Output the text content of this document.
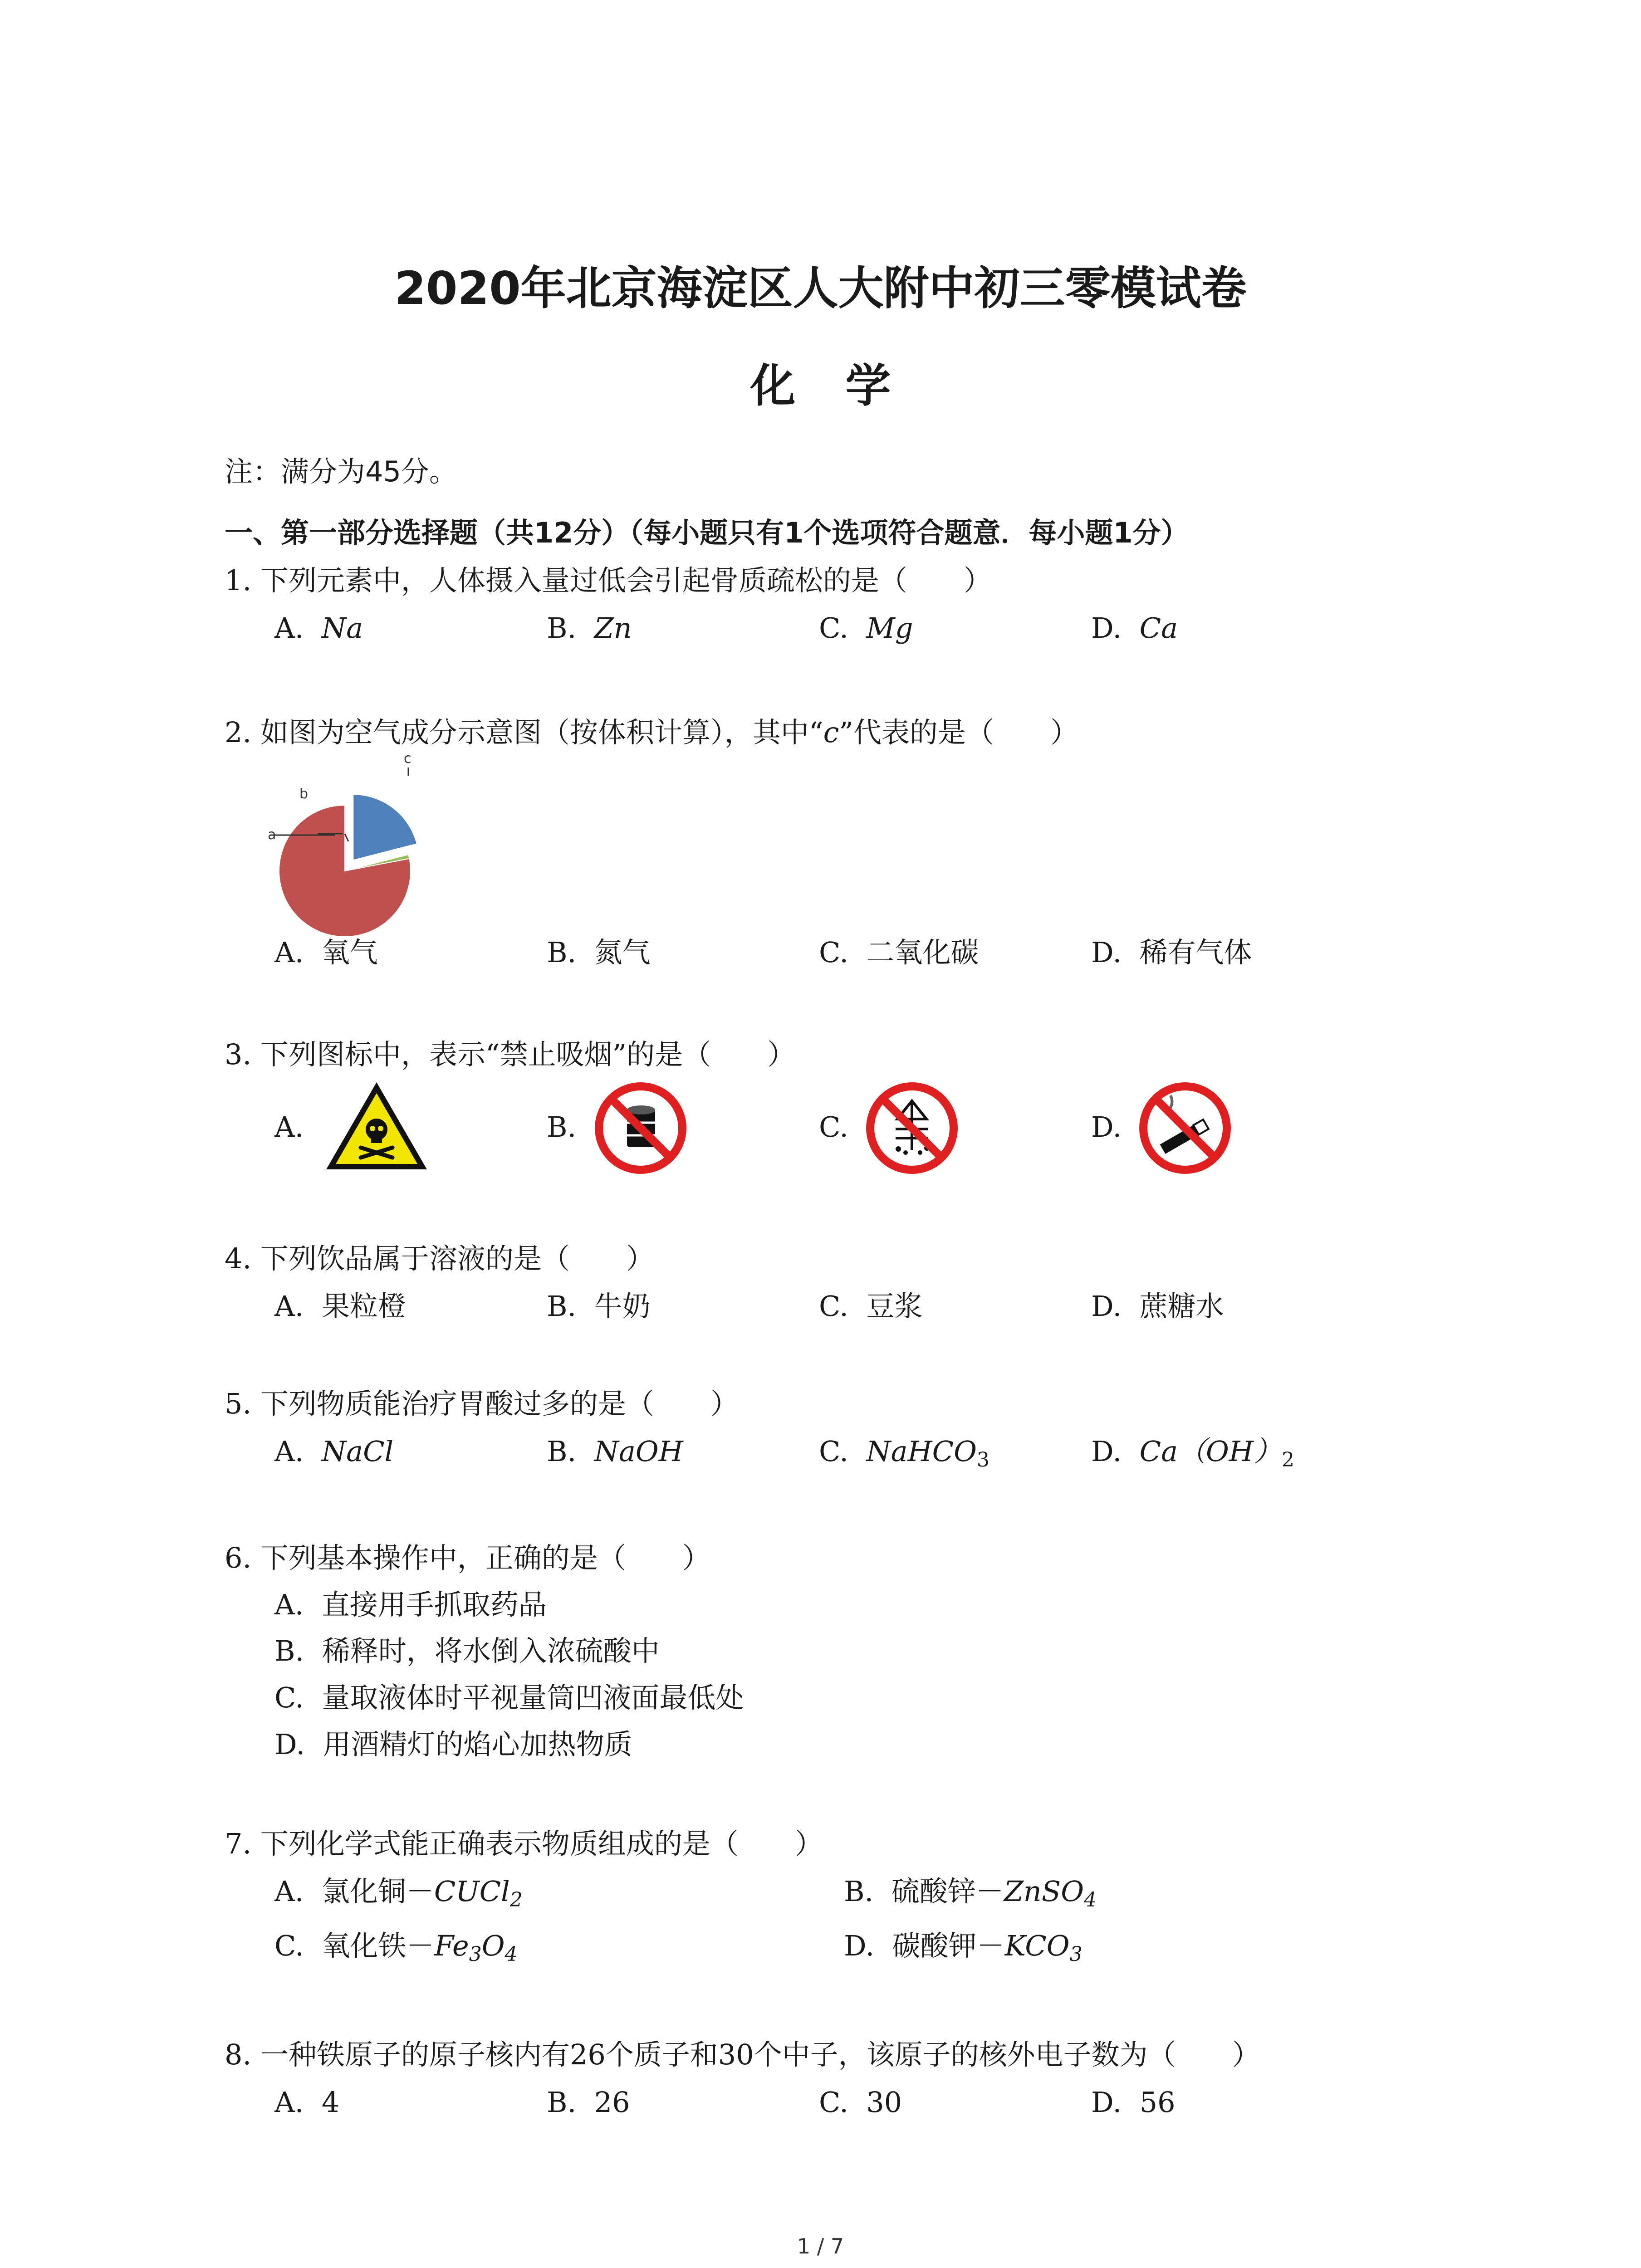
2020年北京海淀区人大附中初三零模试卷
化学
注：满分为45分。
一、第一部分选择题（共12分）（每小题只有1个选项符合题意．每小题1分）
1. 下列元素中，人体摄入量过低会引起骨质疏松的是（　　）
A. Na	B. Zn	C. Mg	D. Ca
2. 如图为空气成分示意图（按体积计算），其中“c”代表的是（　　）
b
a
c
A. 氧气	B. 氮气	C. 二氧化碳	D. 稀有气体
3. 下列图标中，表示“禁止吸烟”的是（　　）
A.	B.	C.	D.
4. 下列饮品属于溶液的是（　　）
A. 果粒橙	B. 牛奶	C. 豆浆	D. 蔗糖水
5. 下列物质能治疗胃酸过多的是（　　）
A. NaCl	B. NaOH	C. NaHCO$_3$	D. $Ca(OH)_2$
6. 下列基本操作中，正确的是（　　）
A. 直接用手抓取药品
B. 稀释时，将水倒入浓硫酸中
C. 量取液体时平视量筒凹液面最低处
D. 用酒精灯的焰心加热物质
7. 下列化学式能正确表示物质组成的是（　　）
A. 氯化铜－CUCl$_2$	B. 硫酸锌－ZnSO$_4$
C. 氧化铁$-Fe_3O_4$	D. 碳酸钾$-KCO_3$
8. 一种铁原子的原子核内有26个质子和30个中子，该原子的核外电子数为（　　）
A. 4	B. 26	C. 30	D. 56
1 / 7
